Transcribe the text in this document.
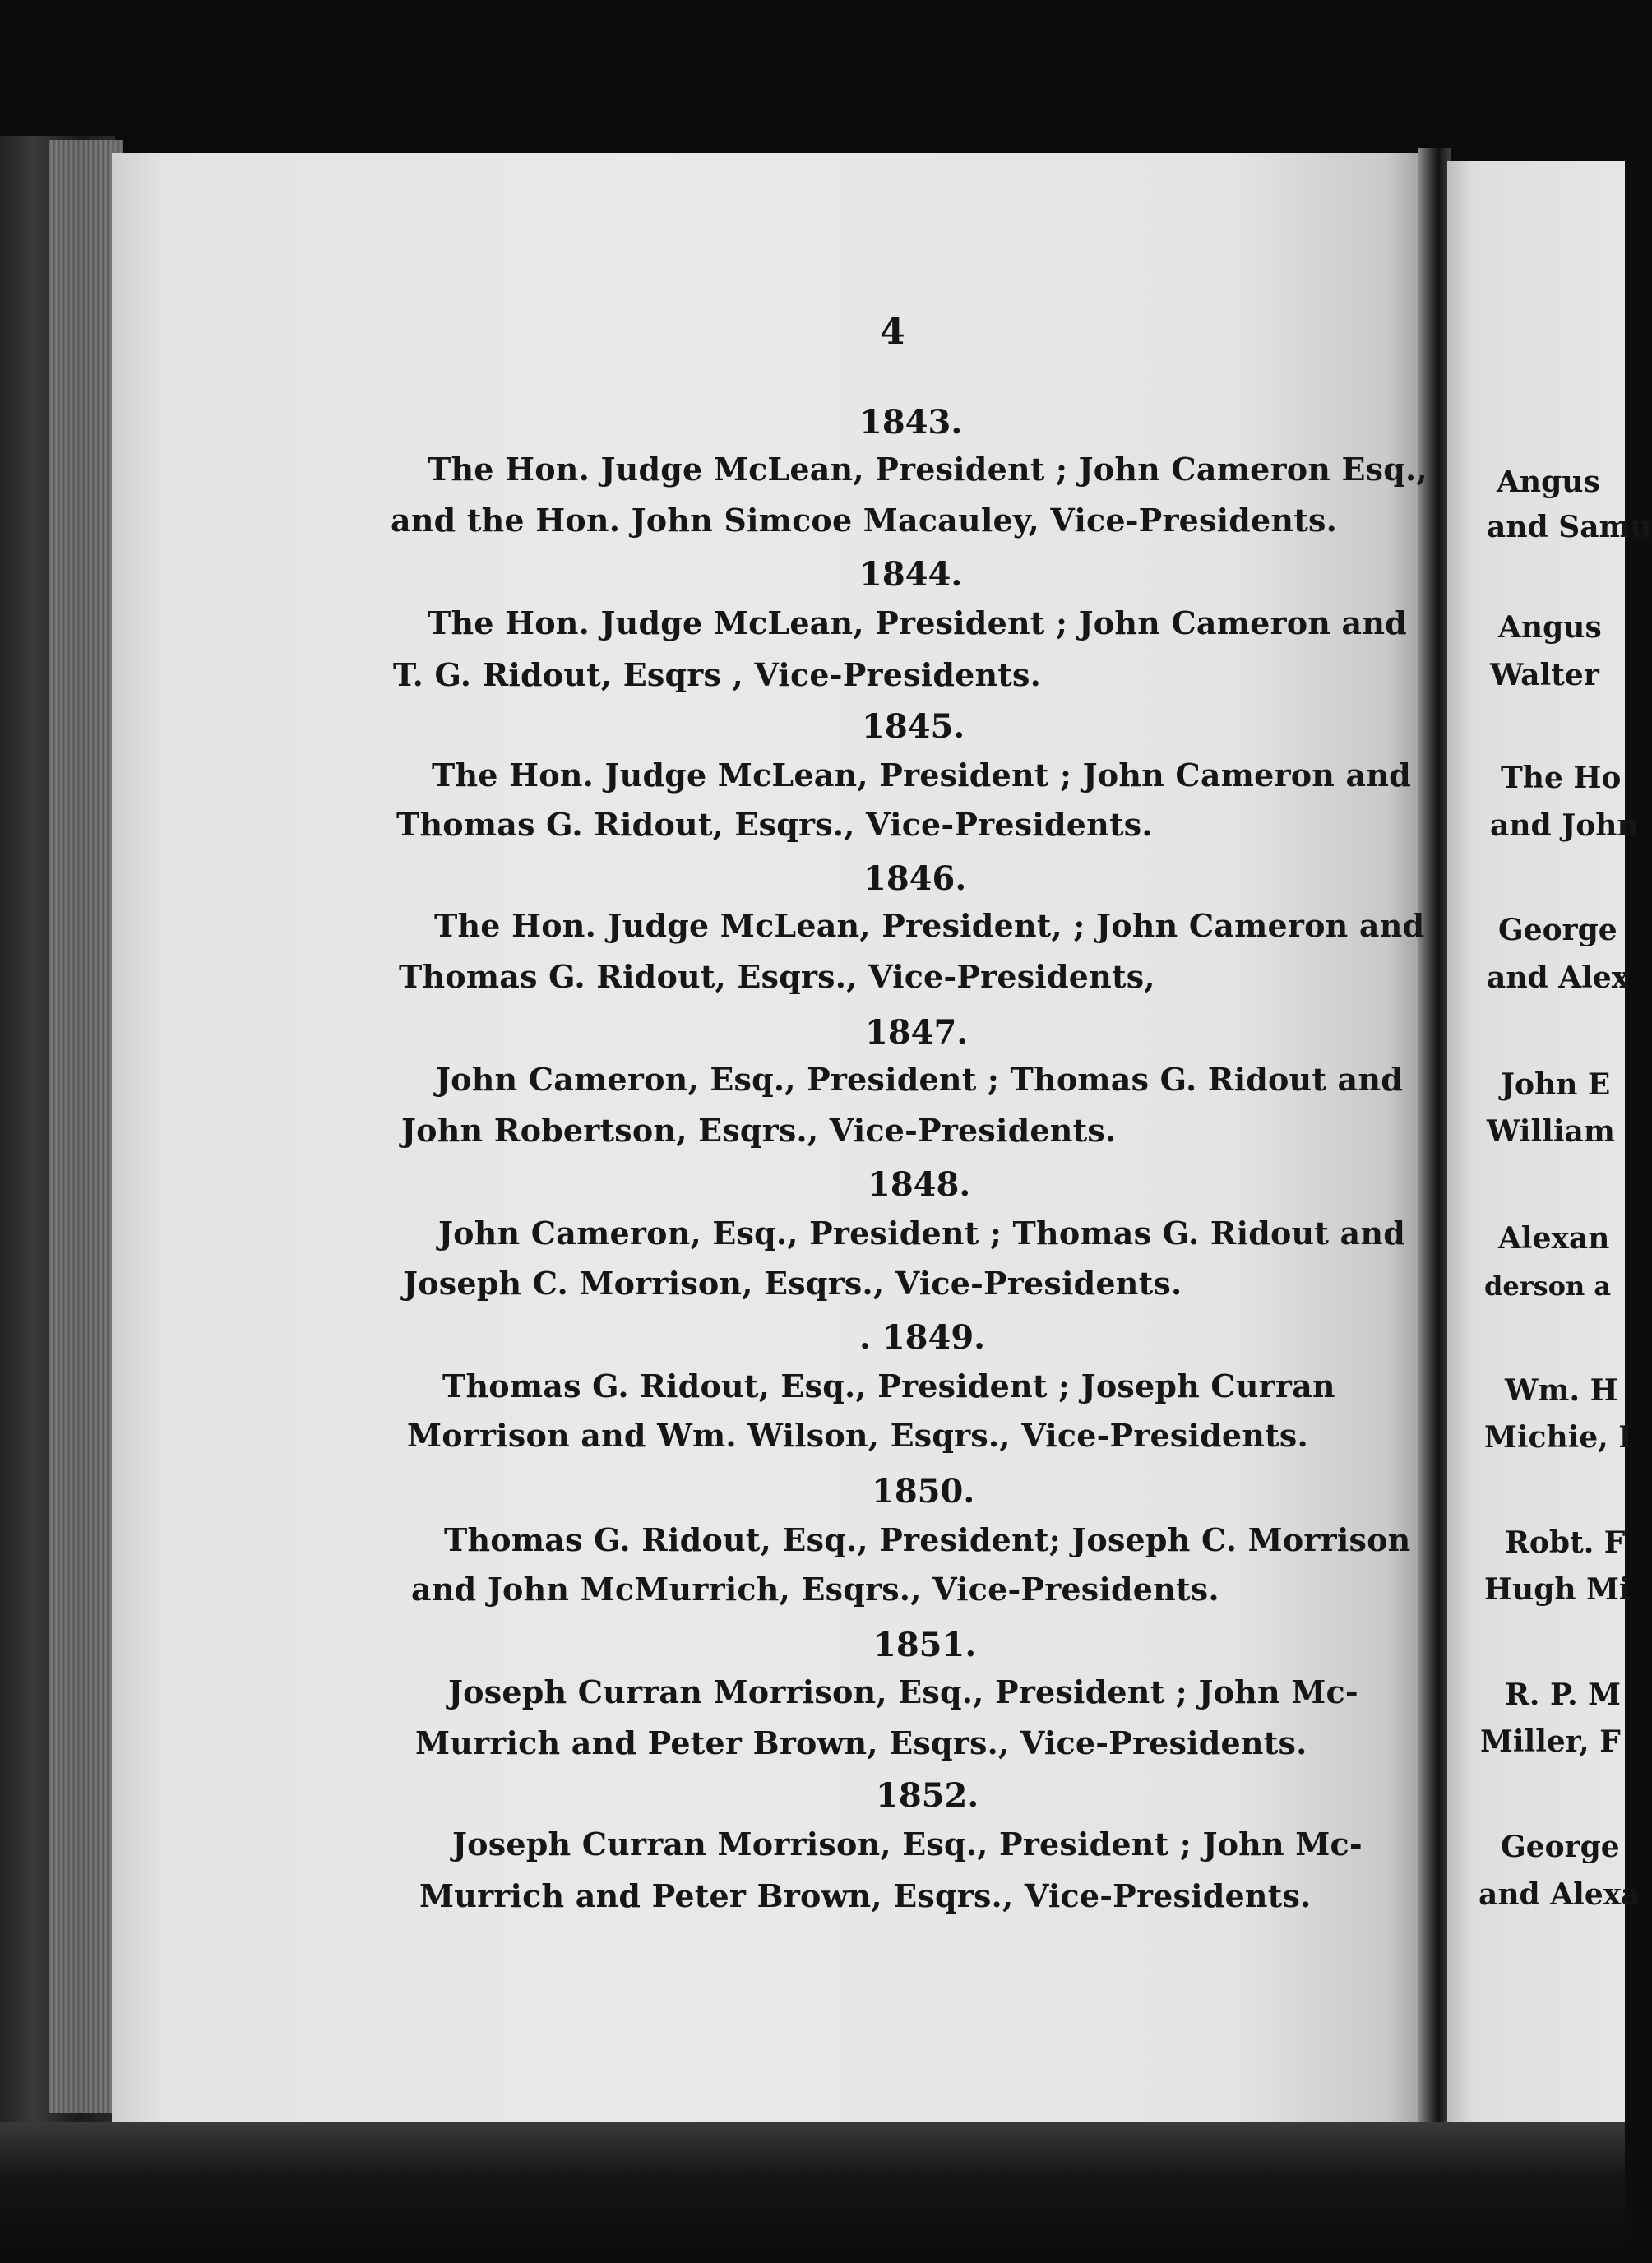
4
1843.
The Hon. Judge McLean, President ; John Cameron Esq.,
and the Hon. John Simcoe Macauley, Vice-Presidents.
1844.
The Hon. Judge McLean, President ; John Cameron and
T. G. Ridout, Esqrs , Vice-Presidents.
1845.
The Hon. Judge McLean, President ; John Cameron and
Thomas G. Ridout, Esqrs., Vice-Presidents.
1846.
The Hon. Judge McLean, President, ; John Cameron and
Thomas G. Ridout, Esqrs., Vice-Presidents,
1847.
John Cameron, Esq., President ; Thomas G. Ridout and
John Robertson, Esqrs., Vice-Presidents.
1848.
John Cameron, Esq., President ; Thomas G. Ridout and
Joseph C. Morrison, Esqrs., Vice-Presidents.
. 1849.
Thomas G. Ridout, Esq., President ; Joseph Curran
Morrison and Wm. Wilson, Esqrs., Vice-Presidents.
1850.
Thomas G. Ridout, Esq., President; Joseph C. Morrison
and John McMurrich, Esqrs., Vice-Presidents.
1851.
Joseph Curran Morrison, Esq., President ; John Mc-
Murrich and Peter Brown, Esqrs., Vice-Presidents.
1852.
Joseph Curran Morrison, Esq., President ; John Mc-
Murrich and Peter Brown, Esqrs., Vice-Presidents.
Angus
and Samu
Angus
Walter
The Ho
and John
George
and Alex
John E
William
Alexan
derson a
Wm. H
Michie, I
Robt. F
Hugh Mi
R. P. M
Miller, F
George
and Alexa
